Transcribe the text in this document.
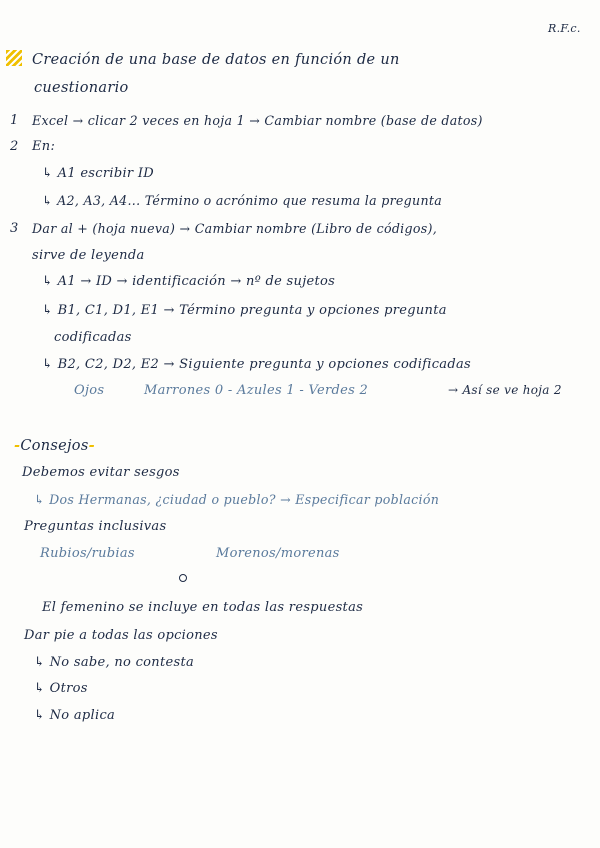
R.F.c.
Creación de una base de datos en función de un
cuestionario
1 Excel → clicar 2 veces en hoja 1 → Cambiar nombre (base de datos)
2 En:
↳ A1 escribir ID
↳ A2, A3, A4... Término o acrónimo que resuma la pregunta
3 Dar al + (hoja nueva) → Cambiar nombre (Libro de códigos),
sirve de leyenda
↳ A1 → ID → identificación → nº de sujetos
↳ B1, C1, D1, E1 → Término pregunta y opciones pregunta
codificadas
↳ B2, C2, D2, E2 → Siguiente pregunta y opciones codificadas
Ojos	Marrones 0 - Azules 1 - Verdes 2	→ Así se ve hoja 2
-Consejos-
Debemos evitar sesgos
↳ Dos Hermanas, ¿ciudad o pueblo? → Especificar población
Preguntas inclusivas
Rubios/rubias	Morenos/morenas
El femenino se incluye en todas las respuestas
Dar pie a todas las opciones
↳ No sabe, no contesta
↳ Otros
↳ No aplica
